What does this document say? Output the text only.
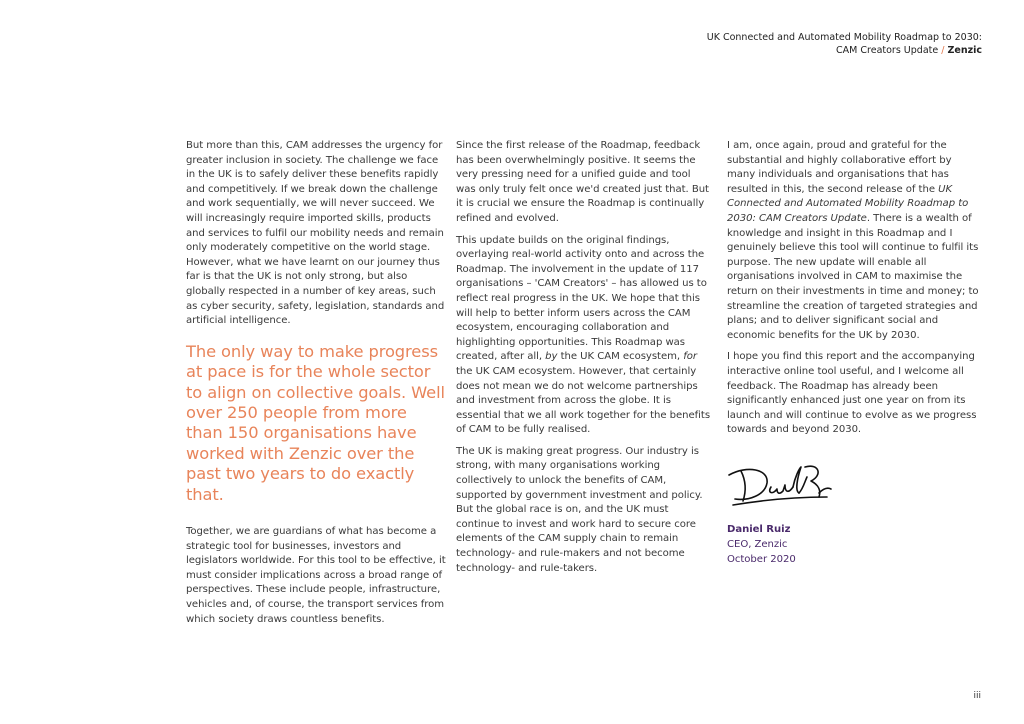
UK Connected and Automated Mobility Roadmap to 2030:
CAM Creators Update / Zenzic

But more than this, CAM addresses the urgency for greater inclusion in society. The challenge we face in the UK is to safely deliver these benefits rapidly and competitively. If we break down the challenge and work sequentially, we will never succeed. We will increasingly require imported skills, products and services to fulfil our mobility needs and remain only moderately competitive on the world stage. However, what we have learnt on our journey thus far is that the UK is not only strong, but also globally respected in a number of key areas, such as cyber security, safety, legislation, standards and artificial intelligence.

The only way to make progress at pace is for the whole sector to align on collective goals. Well over 250 people from more than 150 organisations have worked with Zenzic over the past two years to do exactly that.

Together, we are guardians of what has become a strategic tool for businesses, investors and legislators worldwide. For this tool to be effective, it must consider implications across a broad range of perspectives. These include people, infrastructure, vehicles and, of course, the transport services from which society draws countless benefits.

Since the first release of the Roadmap, feedback has been overwhelmingly positive. It seems the very pressing need for a unified guide and tool was only truly felt once we'd created just that. But it is crucial we ensure the Roadmap is continually refined and evolved.

This update builds on the original findings, overlaying real-world activity onto and across the Roadmap. The involvement in the update of 117 organisations – 'CAM Creators' – has allowed us to reflect real progress in the UK. We hope that this will help to better inform users across the CAM ecosystem, encouraging collaboration and highlighting opportunities. This Roadmap was created, after all, by the UK CAM ecosystem, for the UK CAM ecosystem. However, that certainly does not mean we do not welcome partnerships and investment from across the globe. It is essential that we all work together for the benefits of CAM to be fully realised.

The UK is making great progress. Our industry is strong, with many organisations working collectively to unlock the benefits of CAM, supported by government investment and policy. But the global race is on, and the UK must continue to invest and work hard to secure core elements of the CAM supply chain to remain technology- and rule-makers and not become technology- and rule-takers.

I am, once again, proud and grateful for the substantial and highly collaborative effort by many individuals and organisations that has resulted in this, the second release of the UK Connected and Automated Mobility Roadmap to 2030: CAM Creators Update. There is a wealth of knowledge and insight in this Roadmap and I genuinely believe this tool will continue to fulfil its purpose. The new update will enable all organisations involved in CAM to maximise the return on their investments in time and money; to streamline the creation of targeted strategies and plans; and to deliver significant social and economic benefits for the UK by 2030.

I hope you find this report and the accompanying interactive online tool useful, and I welcome all feedback. The Roadmap has already been significantly enhanced just one year on from its launch and will continue to evolve as we progress towards and beyond 2030.

Daniel Ruiz
CEO, Zenzic
October 2020
iii
